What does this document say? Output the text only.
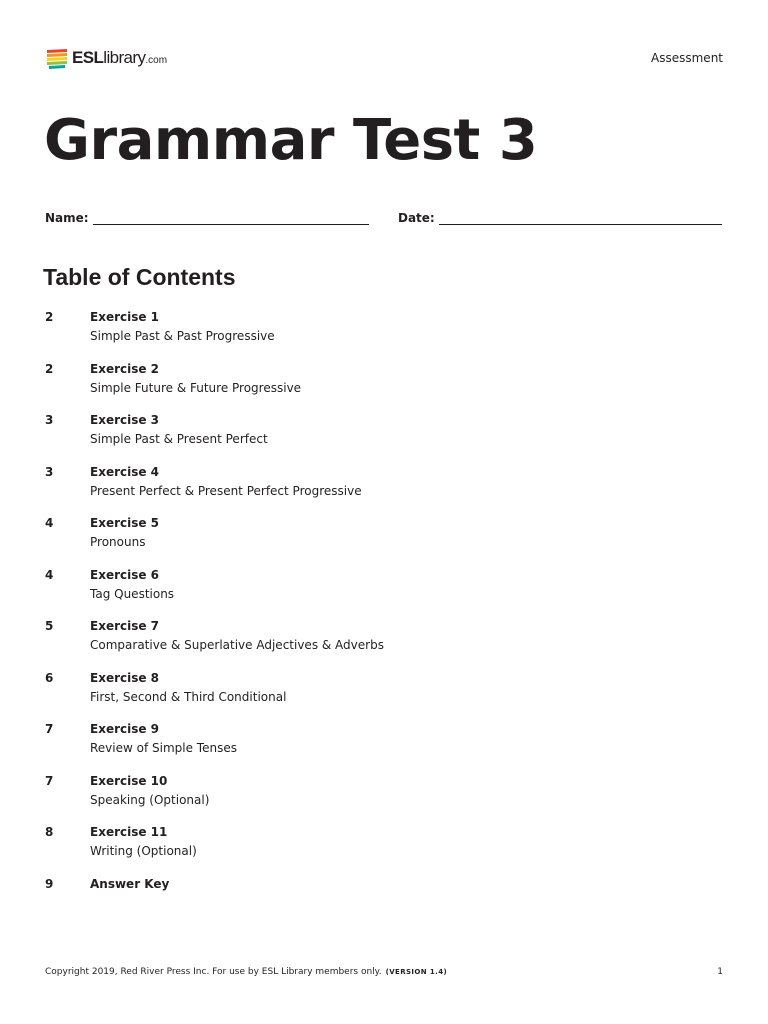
ESLlibrary.com	Assessment
Grammar Test 3
Name:	Date:
Table of Contents
2	Exercise 1
Simple Past & Past Progressive
2	Exercise 2
Simple Future & Future Progressive
3	Exercise 3
Simple Past & Present Perfect
3	Exercise 4
Present Perfect & Present Perfect Progressive
4	Exercise 5
Pronouns
4	Exercise 6
Tag Questions
5	Exercise 7
Comparative & Superlative Adjectives & Adverbs
6	Exercise 8
First, Second & Third Conditional
7	Exercise 9
Review of Simple Tenses
7	Exercise 10
Speaking (Optional)
8	Exercise 11
Writing (Optional)
9	Answer Key
Copyright 2019, Red River Press Inc. For use by ESL Library members only. (VERSION 1.4)	1
